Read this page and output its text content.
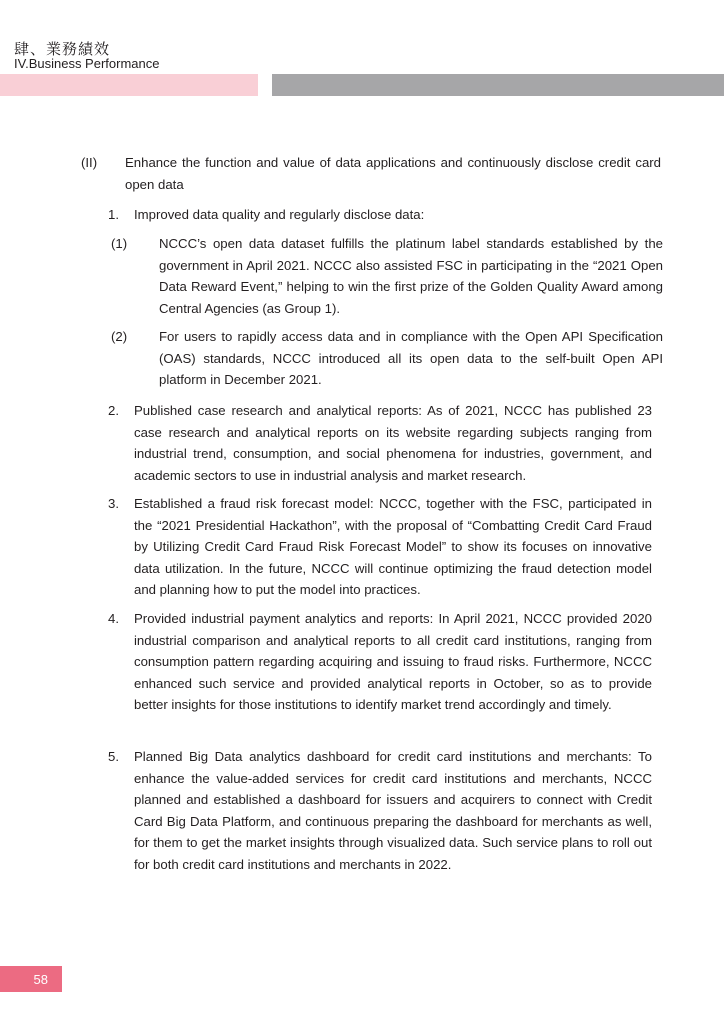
肆、業務績效
IV.Business Performance

(II) Enhance the function and value of data applications and continuously disclose credit card open data

1. Improved data quality and regularly disclose data:

(1) NCCC’s open data dataset fulfills the platinum label standards established by the government in April 2021. NCCC also assisted FSC in participating in the “2021 Open Data Reward Event,” helping to win the first prize of the Golden Quality Award among Central Agencies (as Group 1).

(2) For users to rapidly access data and in compliance with the Open API Specification (OAS) standards, NCCC introduced all its open data to the self-built Open API platform in December 2021.

2. Published case research and analytical reports: As of 2021, NCCC has published 23 case research and analytical reports on its website regarding subjects ranging from industrial trend, consumption, and social phenomena for industries, government, and academic sectors to use in industrial analysis and market research.

3. Established a fraud risk forecast model: NCCC, together with the FSC, participated in the “2021 Presidential Hackathon”, with the proposal of “Combatting Credit Card Fraud by Utilizing Credit Card Fraud Risk Forecast Model” to show its focuses on innovative data utilization. In the future, NCCC will continue optimizing the fraud detection model and planning how to put the model into practices.

4. Provided industrial payment analytics and reports: In April 2021, NCCC provided 2020 industrial comparison and analytical reports to all credit card institutions, ranging from consumption pattern regarding acquiring and issuing to fraud risks. Furthermore, NCCC enhanced such service and provided analytical reports in October, so as to provide better insights for those institutions to identify market trend accordingly and timely.

5. Planned Big Data analytics dashboard for credit card institutions and merchants: To enhance the value-added services for credit card institutions and merchants, NCCC planned and established a dashboard for issuers and acquirers to connect with Credit Card Big Data Platform, and continuous preparing the dashboard for merchants as well, for them to get the market insights through visualized data. Such service plans to roll out for both credit card institutions and merchants in 2022.

58
